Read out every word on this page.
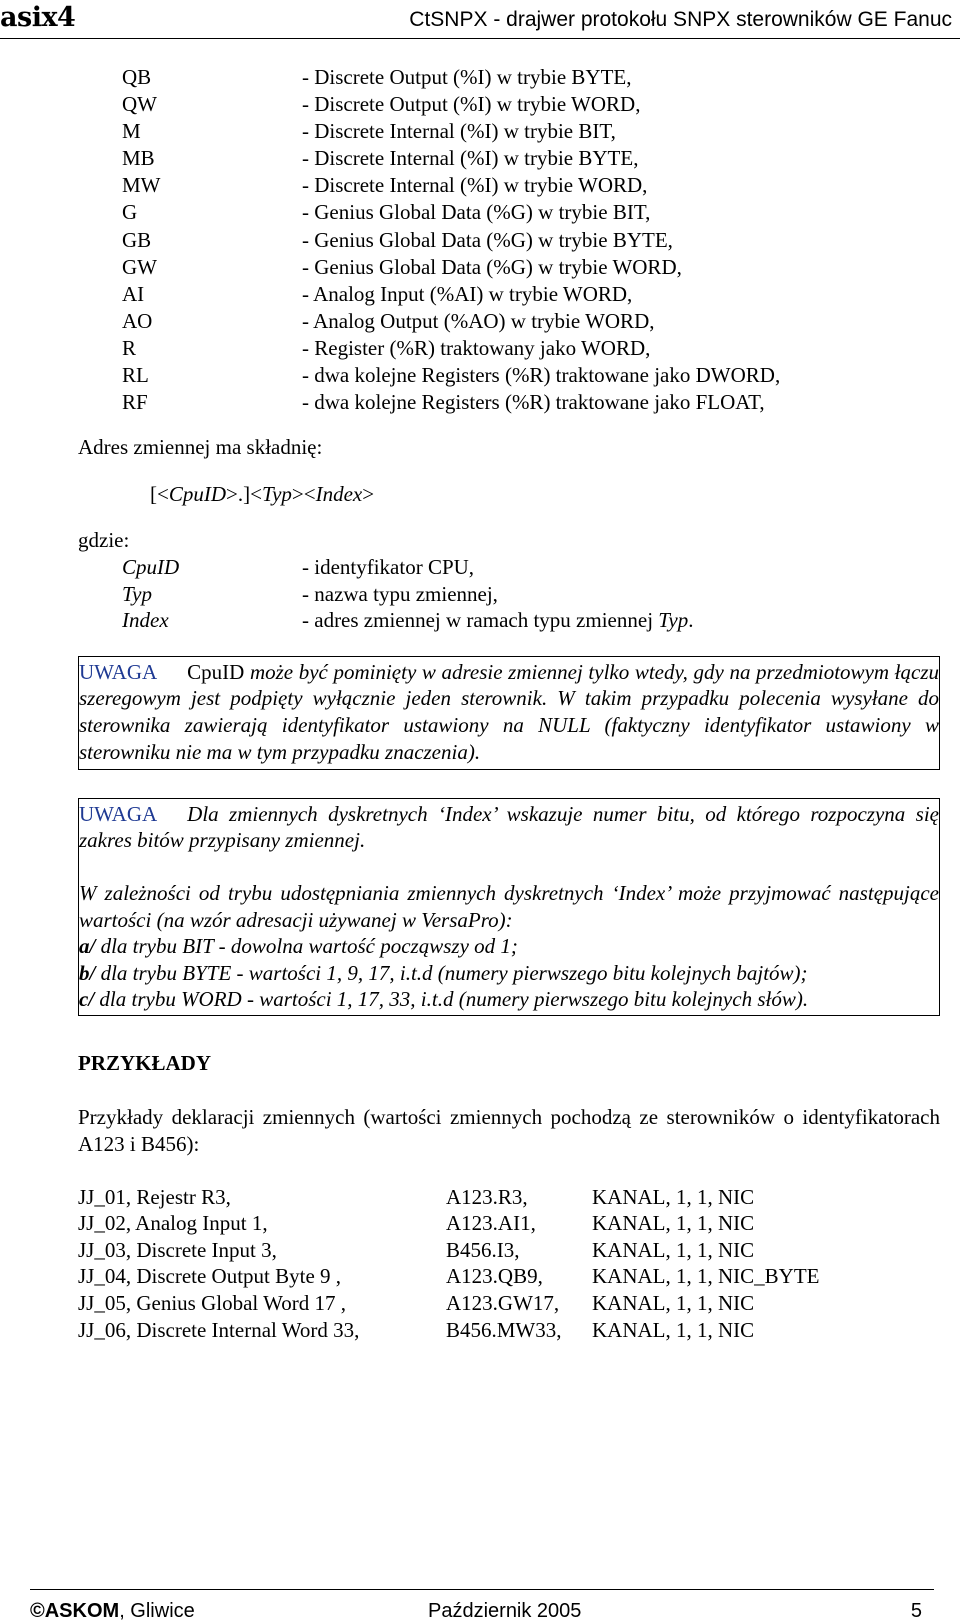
asix4	CtSNPX - drajwer protokołu SNPX sterowników GE Fanuc
QB	- Discrete Output (%I) w trybie BYTE,
QW	- Discrete Output (%I) w trybie WORD,
M	- Discrete Internal (%I) w trybie BIT,
MB	- Discrete Internal (%I) w trybie BYTE,
MW	- Discrete Internal (%I) w trybie WORD,
G	- Genius Global Data (%G) w trybie BIT,
GB	- Genius Global Data (%G) w trybie BYTE,
GW	- Genius Global Data (%G) w trybie WORD,
AI	- Analog Input (%AI) w trybie WORD,
AO	- Analog Output (%AO) w trybie WORD,
R	- Register (%R) traktowany jako WORD,
RL	- dwa kolejne Registers (%R) traktowane jako DWORD,
RF	- dwa kolejne Registers (%R) traktowane jako FLOAT,
Adres zmiennej ma składnię:
[<CpuID>.]<Typ><Index>
gdzie:
CpuID	- identyfikator CPU,
Typ	- nazwa typu zmiennej,
Index	- adres zmiennej w ramach typu zmiennej Typ.

UWAGA CpuID może być pominięty w adresie zmiennej tylko wtedy, gdy na przedmiotowym łączu szeregowym jest podpięty wyłącznie jeden sterownik. W takim przypadku polecenia wysyłane do sterownika zawierają identyfikator ustawiony na NULL (faktyczny identyfikator ustawiony w sterowniku nie ma w tym przypadku znaczenia).

UWAGA Dla zmiennych dyskretnych ‘Index’ wskazuje numer bitu, od którego rozpoczyna się zakres bitów przypisany zmiennej.

W zależności od trybu udostępniania zmiennych dyskretnych ‘Index’ może przyjmować następujące wartości (na wzór adresacji używanej w VersaPro):
a/ dla trybu BIT - dowolna wartość począwszy od 1;
b/ dla trybu BYTE - wartości 1, 9, 17, i.t.d (numery pierwszego bitu kolejnych bajtów);
c/ dla trybu WORD - wartości 1, 17, 33, i.t.d (numery pierwszego bitu kolejnych słów).

PRZYKŁADY
Przykłady deklaracji zmiennych (wartości zmiennych pochodzą ze sterowników o identyfikatorach A123 i B456):
JJ_01, Rejestr R3,	A123.R3,	KANAL, 1, 1, NIC
JJ_02, Analog Input 1,	A123.AI1,	KANAL, 1, 1, NIC
JJ_03, Discrete Input 3,	B456.I3,	KANAL, 1, 1, NIC
JJ_04, Discrete Output Byte 9 ,	A123.QB9,	KANAL, 1, 1, NIC_BYTE
JJ_05, Genius Global Word 17 ,	A123.GW17,	KANAL, 1, 1, NIC
JJ_06, Discrete Internal Word 33,	B456.MW33,	KANAL, 1, 1, NIC
©ASKOM, Gliwice	Październik 2005	5
